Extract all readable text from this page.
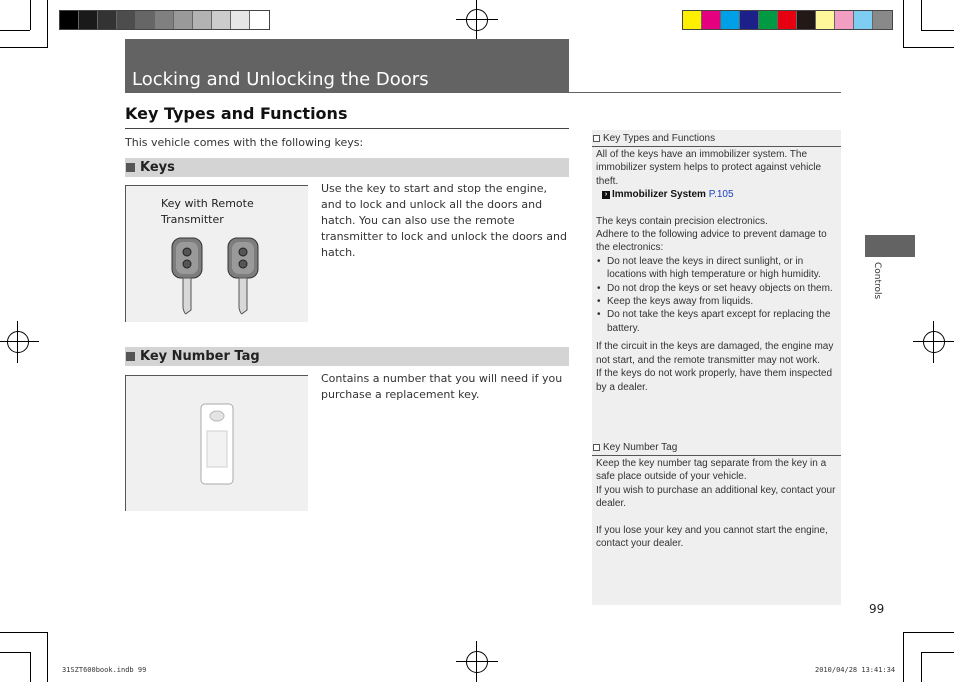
Locking and Unlocking the Doors
Key Types and Functions
This vehicle comes with the following keys:
Keys
Key with Remote
Transmitter
Use the key to start and stop the engine, and to lock and unlock all the doors and hatch. You can also use the remote transmitter to lock and unlock the doors and hatch.
Key Number Tag
Contains a number that you will need if you purchase a replacement key.
Key Types and Functions

All of the keys have an immobilizer system. The immobilizer system helps to protect against vehicle theft.

› Immobilizer System P.105

The keys contain precision electronics.

Adhere to the following advice to prevent damage to the electronics:

• Do not leave the keys in direct sunlight, or in locations with high temperature or high humidity.
• Do not drop the keys or set heavy objects on them.
• Keep the keys away from liquids.
• Do not take the keys apart except for replacing the battery.

If the circuit in the keys are damaged, the engine may not start, and the remote transmitter may not work.

If the keys do not work properly, have them inspected by a dealer.

Key Number Tag

Keep the key number tag separate from the key in a safe place outside of your vehicle.

If you wish to purchase an additional key, contact your dealer.

If you lose your key and you cannot start the engine, contact your dealer.

Controls
99
31SZT600book.indb 99	2010/04/28 13:41:34
